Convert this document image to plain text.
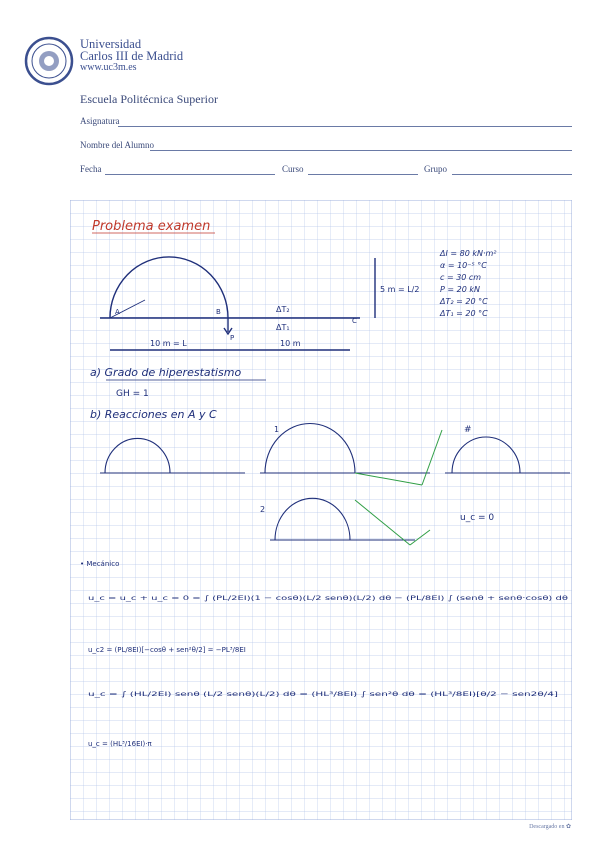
Universidad
Carlos III de Madrid
www.uc3m.es
Escuela Politécnica Superior
Asignatura
Nombre del Alumno
Fecha	Curso	Grupo
Problema examen
A	B
C
P
ΔT₂
ΔT₁
10 m = L	10 m
5 m = L/2
ΔI = 80 kN·m²
α = 10⁻⁵ °C
c = 30 cm
P = 20 kN
ΔT₂ = 20 °C
ΔT₁ = 20 °C
a) Grado de hiperestatismo
GH = 1
b) Reacciones en A y C
1
2
#
u_c = 0
• Mecánico
u_c = u_c + u_c = 0 = ∫ (PL/2EI)(1 − cosθ)(L/2 senθ)(L/2) dθ − (PL/8EI) ∫ (senθ + senθ·cosθ) dθ
u_c2 = (PL/8EI)[−cosθ + sen²θ/2] = −PL³/8EI
u_c = ∫ (HL/2EI) senθ (L/2 senθ)(L/2) dθ = (HL³/8EI) ∫ sen²θ dθ = (HL³/8EI)[θ/2 − sen2θ/4]
u_c = (HL³/16EI)·π
Descargado en ✿
